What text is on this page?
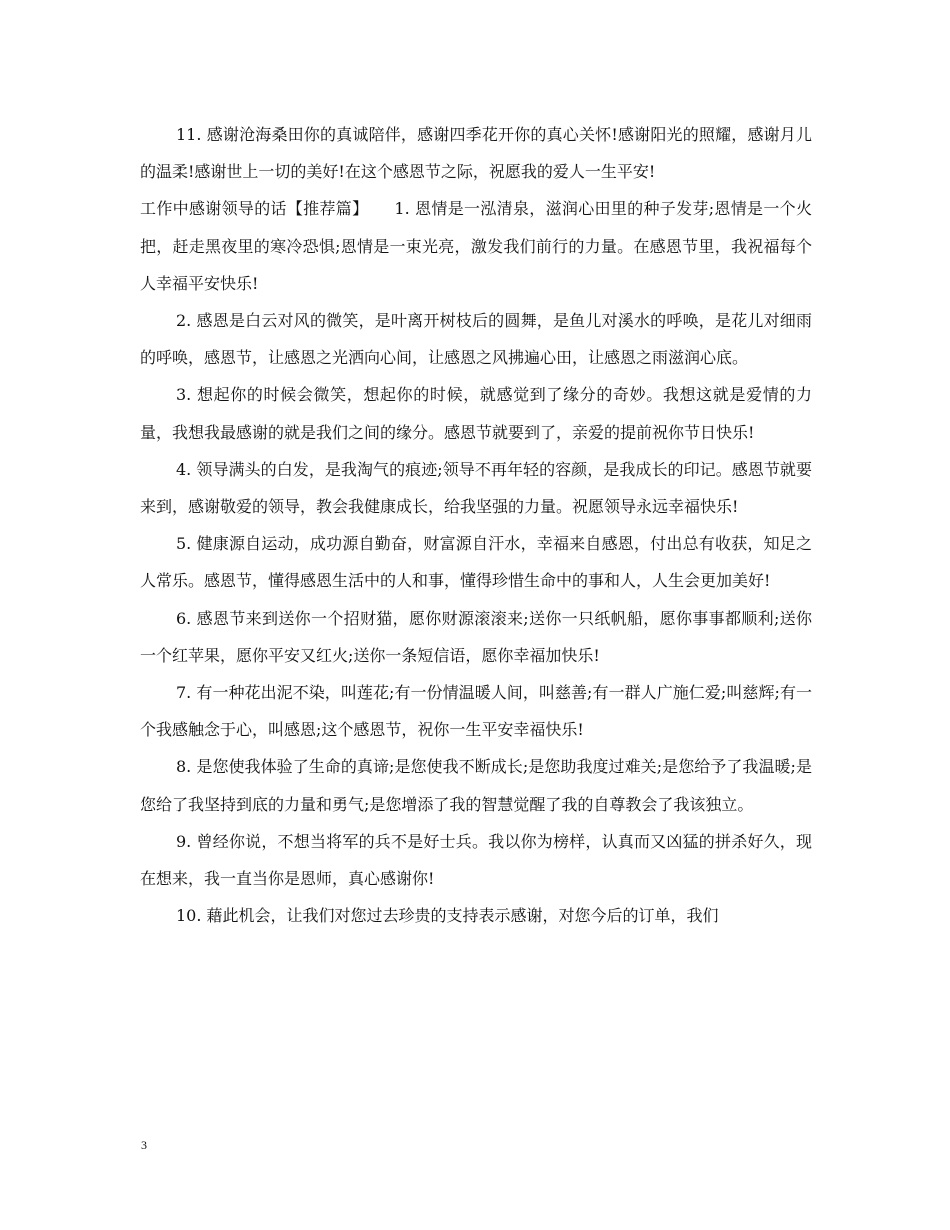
11. 感谢沧海桑田你的真诚陪伴，感谢四季花开你的真心关怀!感谢阳光的照耀，感谢月儿的温柔!感谢世上一切的美好!在这个感恩节之际，祝愿我的爱人一生平安!

工作中感谢领导的话【推荐篇】 1. 恩情是一泓清泉，滋润心田里的种子发芽;恩情是一个火把，赶走黑夜里的寒冷恐惧;恩情是一束光亮，激发我们前行的力量。在感恩节里，我祝福每个人幸福平安快乐!

2. 感恩是白云对风的微笑，是叶离开树枝后的圆舞，是鱼儿对溪水的呼唤，是花儿对细雨的呼唤，感恩节，让感恩之光洒向心间，让感恩之风拂遍心田，让感恩之雨滋润心底。

3. 想起你的时候会微笑，想起你的时候，就感觉到了缘分的奇妙。我想这就是爱情的力量，我想我最感谢的就是我们之间的缘分。感恩节就要到了，亲爱的提前祝你节日快乐!

4. 领导满头的白发，是我淘气的痕迹;领导不再年轻的容颜，是我成长的印记。感恩节就要来到，感谢敬爱的领导，教会我健康成长，给我坚强的力量。祝愿领导永远幸福快乐!

5. 健康源自运动，成功源自勤奋，财富源自汗水，幸福来自感恩，付出总有收获，知足之人常乐。感恩节，懂得感恩生活中的人和事，懂得珍惜生命中的事和人，人生会更加美好!

6. 感恩节来到送你一个招财猫，愿你财源滚滚来;送你一只纸帆船，愿你事事都顺利;送你一个红苹果，愿你平安又红火;送你一条短信语，愿你幸福加快乐!

7. 有一种花出泥不染，叫莲花;有一份情温暖人间，叫慈善;有一群人广施仁爱;叫慈辉;有一个我感触念于心，叫感恩;这个感恩节，祝你一生平安幸福快乐!

8. 是您使我体验了生命的真谛;是您使我不断成长;是您助我度过难关;是您给予了我温暖;是您给了我坚持到底的力量和勇气;是您增添了我的智慧觉醒了我的自尊教会了我该独立。

9. 曾经你说，不想当将军的兵不是好士兵。我以你为榜样，认真而又凶猛的拼杀好久，现在想来，我一直当你是恩师，真心感谢你!

10. 藉此机会，让我们对您过去珍贵的支持表示感谢，对您今后的订单，我们

3
